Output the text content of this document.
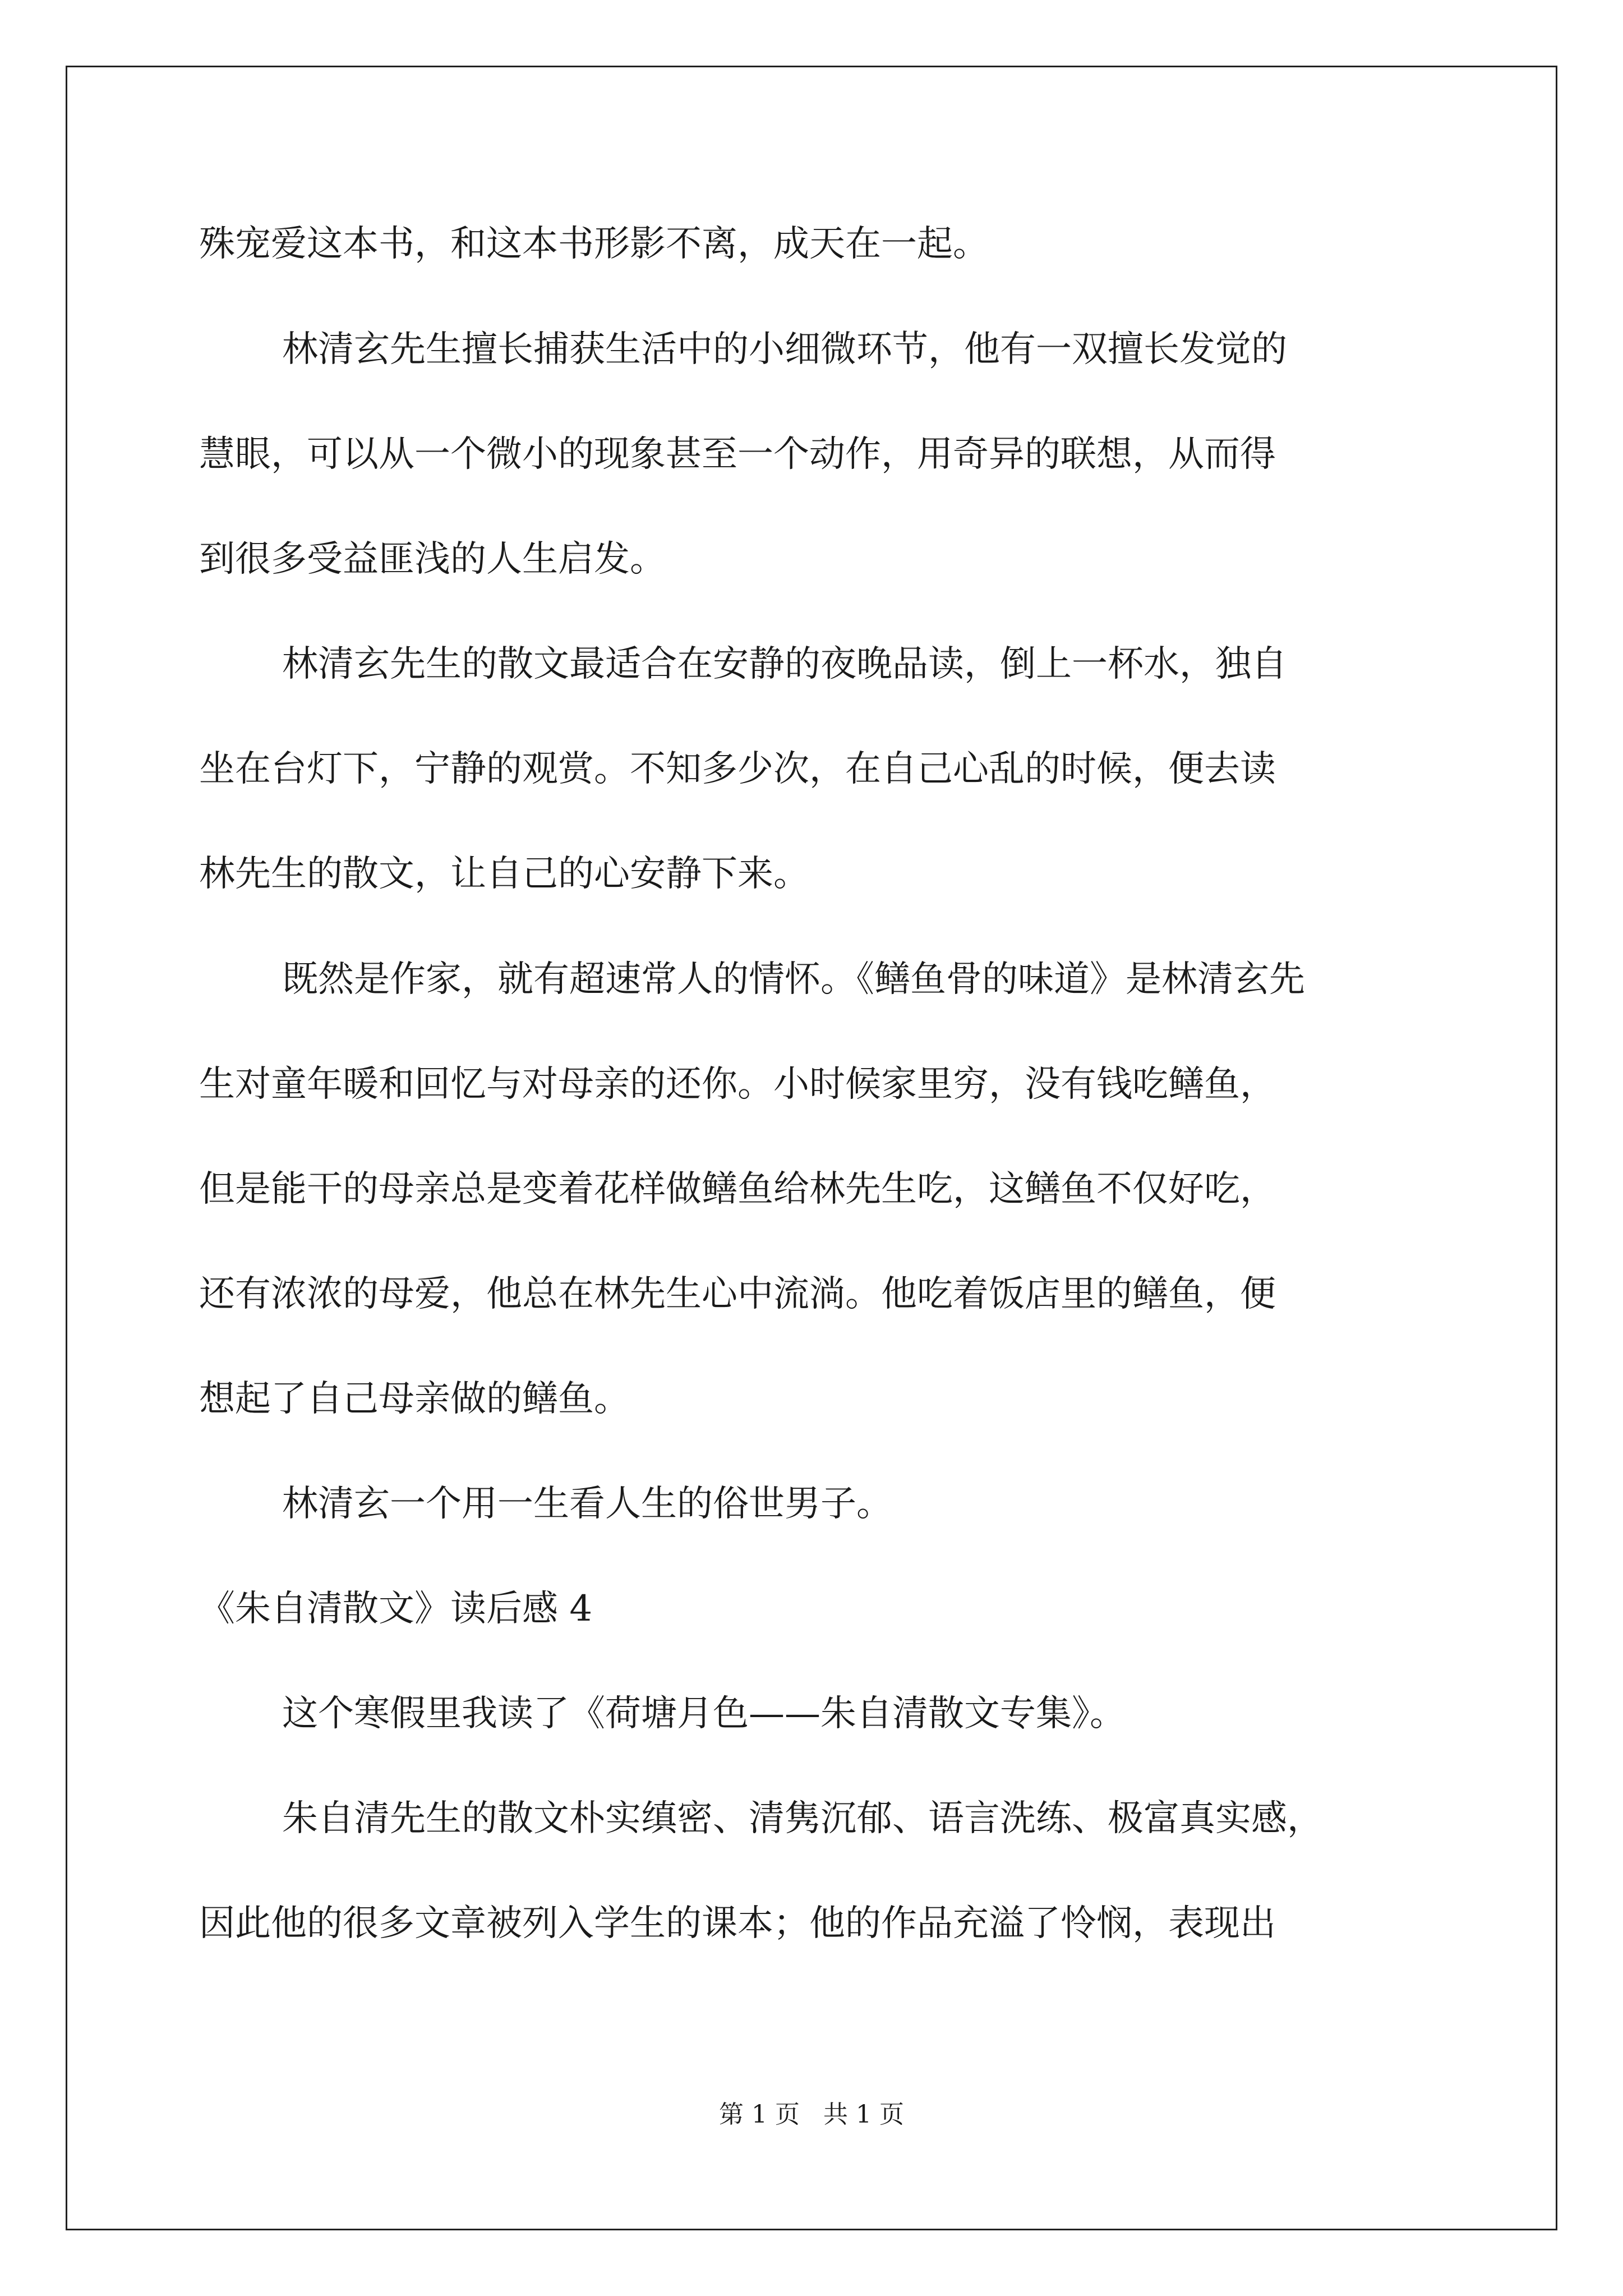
殊宠爱这本书，和这本书形影不离，成天在一起。
林清玄先生擅长捕获生活中的小细微环节，他有一双擅长发觉的
慧眼，可以从一个微小的现象甚至一个动作，用奇异的联想，从而得
到很多受益匪浅的人生启发。
林清玄先生的散文最适合在安静的夜晚品读，倒上一杯水，独自
坐在台灯下，宁静的观赏。不知多少次，在自己心乱的时候，便去读
林先生的散文，让自己的心安静下来。
既然是作家，就有超速常人的情怀。《鳝鱼骨的味道》是林清玄先
生对童年暖和回忆与对母亲的还你。小时候家里穷，没有钱吃鳝鱼，
但是能干的母亲总是变着花样做鳝鱼给林先生吃，这鳝鱼不仅好吃，
还有浓浓的母爱，他总在林先生心中流淌。他吃着饭店里的鳝鱼，便
想起了自己母亲做的鳝鱼。
林清玄一个用一生看人生的俗世男子。
《朱自清散文》读后感 4
这个寒假里我读了《荷塘月色——朱自清散文专集》。
朱自清先生的散文朴实缜密、清隽沉郁、语言洗练、极富真实感，
因此他的很多文章被列入学生的课本；他的作品充溢了怜悯，表现出
第 1 页   共 1 页
